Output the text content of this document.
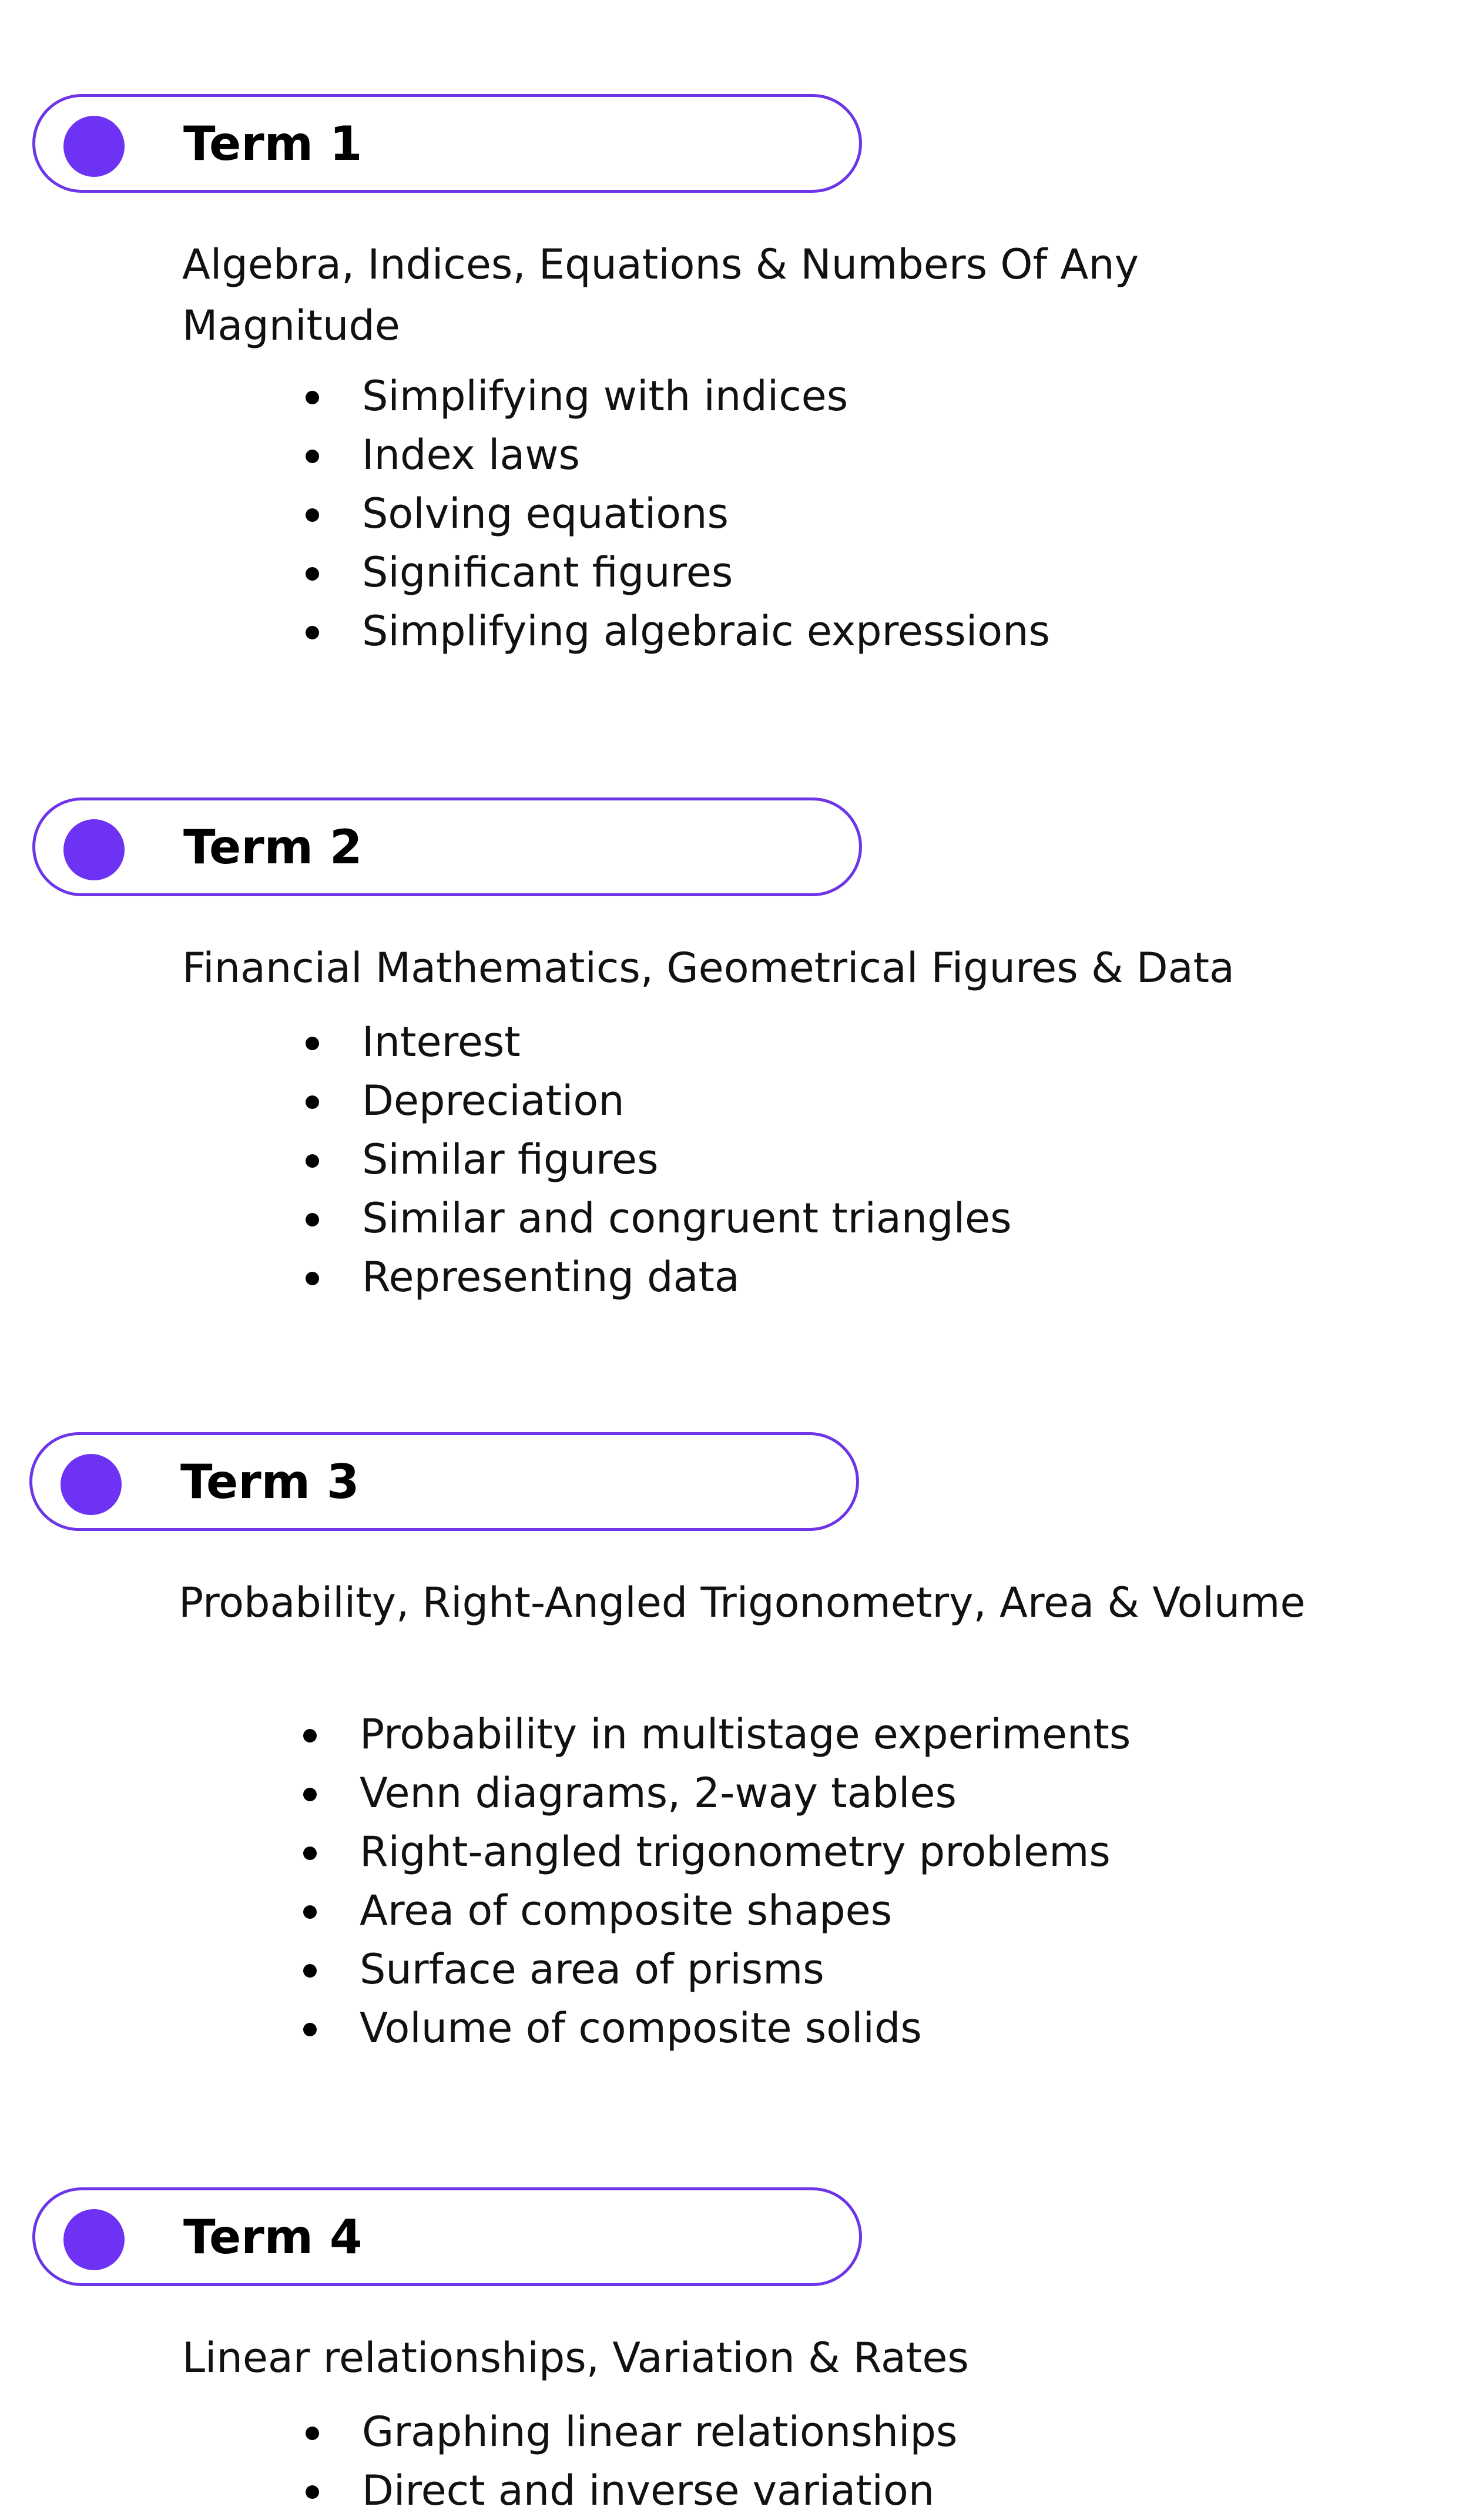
Term 1
Algebra, Indices, Equations & Numbers Of Any Magnitude
Simplifying with indices
Index laws
Solving equations
Significant figures
Simplifying algebraic expressions
Term 2
Financial Mathematics, Geometrical Figures & Data
Interest
Depreciation
Similar figures
Similar and congruent triangles
Representing data
Term 3
Probability, Right-Angled Trigonometry, Area & Volume
Probability in multistage experiments
Venn diagrams, 2-way tables
Right-angled trigonometry problems
Area of composite shapes
Surface area of prisms
Volume of composite solids
Term 4
Linear relationships, Variation & Rates
Graphing linear relationships
Direct and inverse variation
